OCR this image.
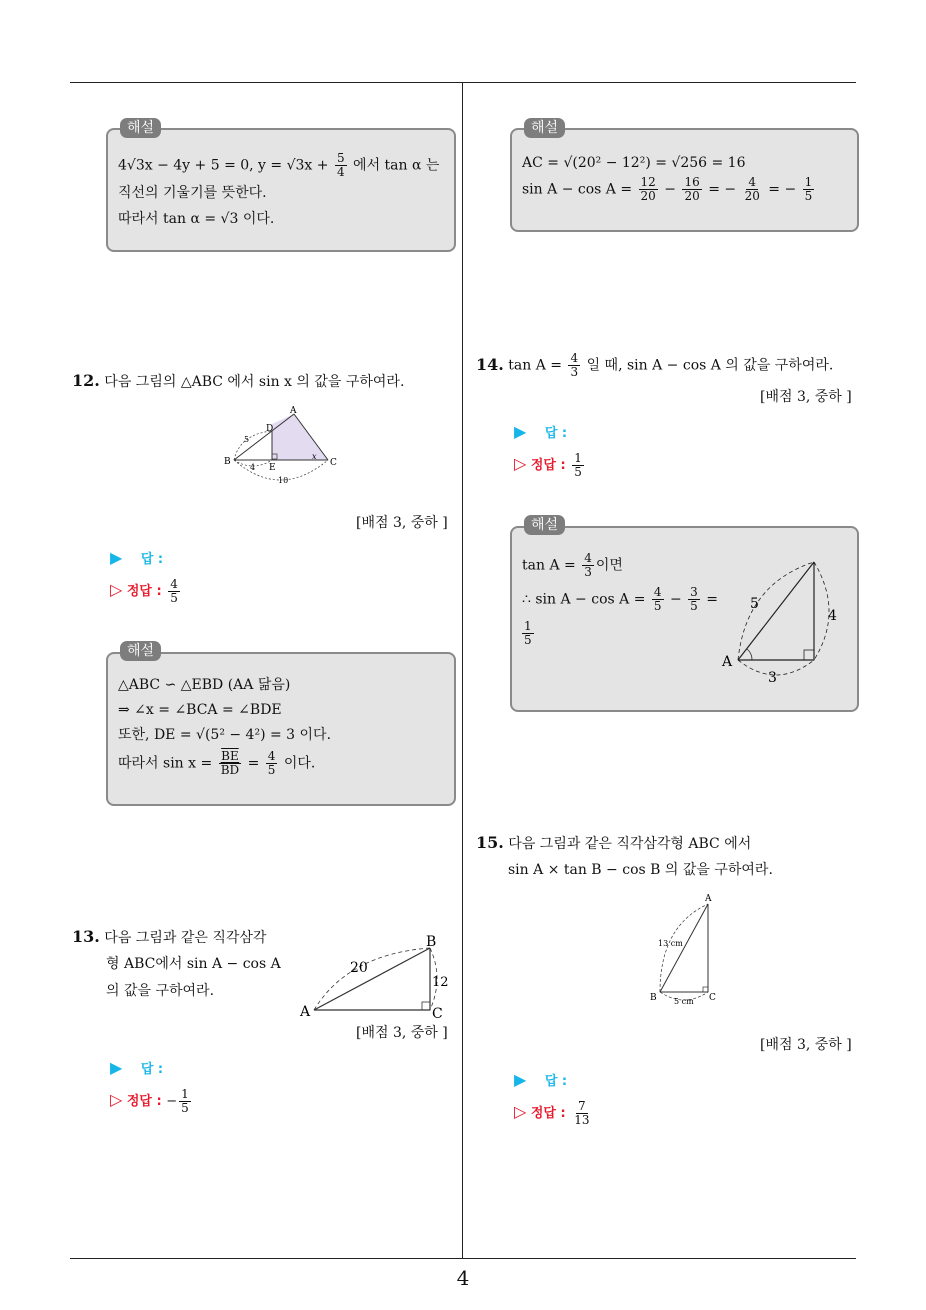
4
해설
4√3x − 4y + 5 = 0, $y = √3x + \frac{5}{4}$ 에서 tan α 는
직선의 기울기를 뜻한다.
따라서 tan α = √3 이다.
12. 다음 그림의 △ABC 에서 sin x 의 값을 구하여라.
A
B	C
D
E
x
5
4
10
[배점 3, 중하 ]
▶ 답 :
▷ 정답 : $\frac{4}{5}$
해설
△ABC ∽ △EBD (AA 닮음)
⇒ ∠x = ∠BCA = ∠BDE
또한, DE = √(5² − 4²) = 3 이다.
따라서 $\sin x = \frac{\overline{BE}}{BD} = \frac{4}{5}$ 이다.
13. 다음 그림과 같은 직각삼각
형 ABC에서 sin A − cos A
의 값을 구하여라.
A
B
C
20
12
[배점 3, 중하 ]
▶ 답 :
▷ 정답 : − $\frac{1}{5}$
해설
AC = √(20² − 12²) = √256 = 16
$\sin A - \cos A = \frac{12}{20} - \frac{16}{20}$ = − $\frac{4}{20}$ = − $\frac{1}{5}$
14. $\tan A = \frac{4}{3}$ 일 때, sin A − cos A 의 값을 구하여라.
[배점 3, 중하 ]
▶ 답 :
▷ 정답 : $\frac{1}{5}$
해설
$\tan A = \frac{4}{3}$ 이면
∴ $\sin A - \cos A = \frac{4}{5} - \frac{3}{5}$ =
$\frac{1}{5}$
A
5
4
3
15. 다음 그림과 같은 직각삼각형 ABC 에서
sin A × tan B − cos B 의 값을 구하여라.
A
B	C
13 cm
5 cm
[배점 3, 중하 ]
▶ 답 :
▷ 정답 : $\frac{7}{13}$
